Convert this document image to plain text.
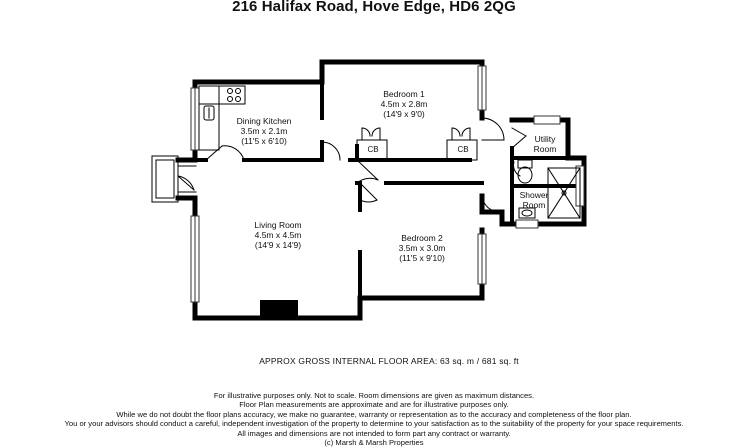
216 Halifax Road, Hove Edge, HD6 2QG
Dining Kitchen
3.5m x 2.1m
(11'5 x 6'10)
Bedroom 1
4.5m x 2.8m
(14'9 x 9'0)
Utility
Room
Shower
Room
Living Room
4.5m x 4.5m
(14'9 x 14'9)
Bedroom 2
3.5m x 3.0m
(11'5 x 9'10)
CB	CB
APPROX GROSS INTERNAL FLOOR AREA: 63 sq. m / 681 sq. ft
For illustrative purposes only. Not to scale. Room dimensions are given as maximum distances.
Floor Plan measurements are approximate and are for illustrative purposes only.
While we do not doubt the floor plans accuracy, we make no guarantee, warranty or representation as to the accuracy and completeness of the floor plan.
You or your advisors should conduct a careful, independent investigation of the property to determine to your satisfaction as to the suitability of the property for your space requirements.
All images and dimensions are not intended to form part any contract or warranty.
(c) Marsh & Marsh Properties
